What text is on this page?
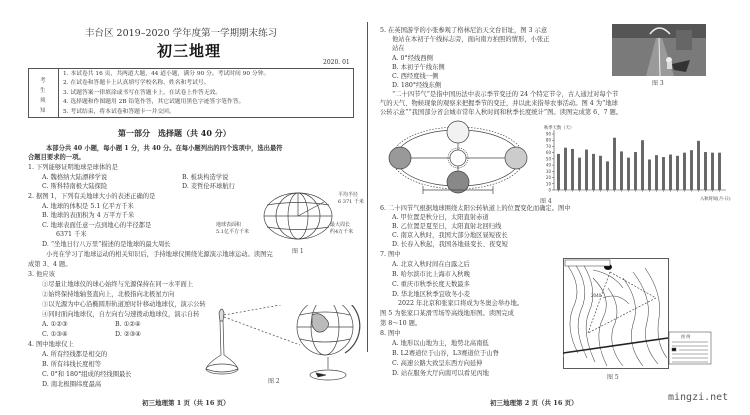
丰台区 2019–2020 学年度第一学期期末练习
初三地理
2020. 01
考
生
须
知
1. 本试卷共 16 页，共两道大题，44 道小题，满分 90 分。考试时间 90 分钟。
2. 在试卷和答题卡上认真填写学校名称、姓名和考试号。
3. 试题答案一律填涂或书写在答题卡上，在试卷上作答无效。
4. 选择题和作图题用 2B 铅笔作答，其它试题用黑色字迹签字笔作答。
5. 考试结束，将本试卷和答题卡一并交回。
第一部分　选择题（共 40 分）
本部分共 40 小题，每小题 1 分，共 40 分。在每小题列出的四个选项中，选出最符
合题目要求的一项。
1. 下列能够证明地球是球体的是
A. 魏格纳大陆漂移学说	B. 板块构造学说
C. 斯科特南极大陆探险	D. 麦哲伦环球航行
2. 据图 1，下列有关地球大小的表述正确的是
A. 地球的体积是 5.1 亿平方千米
B. 地球的表面积为 4 万平方千米
C. 地球表面任意一点到地心的半径都是
6371 千米
D. “坐地日行八万里”描述的是地球的最大周长
平均半径
6 371 千米
地球表面积
5.1亿平方千米
最大周长
约4万千米
图 1
小亮在学习了地球运动的相关知识后，手持地球仪围绕光源演示地球运动。读图完
成第 3、4 题。
3. 他应该
①尽量让地球仪的球心始终与光源保持在同一水平面上
②始终保持地轴竖直向上，北极指向北极星方向
③以光源为中心沿椭圆形轨道逆时针移动地球仪，演示公转
④同时面向地球仪，自左向右匀速拨动地球仪，演示自转
A. ①②③	B. ①②④
C. ①③④	D. ②③④
4. 图中地球仪上
A. 所有经线都是相交的
B. 所有纬线长度相等
C. 0°和 180°组成的经线圈最长
D. 南北极圈纬度最高	图 2
初三地理第 1 页（共 16 页）
5. 在英国游学的小张参观了格林尼治天文台旧址，图 3 示意
他站在本初子午线标志旁，面向南方拍照的情形，小张正
站在
A. 0°经线西侧
B. 本初子午线东侧
C. 西经度线一侧
D. 180°经线东侧	图 3
“二十四节气”是指中国历法中表示季节变迁的 24 个特定节令，古人通过对每个节
气的天气、物候现象的观察来把握季节的变迁，并以此来指导农事活动。图 4 为“地球
公转示意”“我国部分省会城市常年入秋时间和秋季长度统计”图。读图完成第 6、7 题。
0
10
20
30
40
50
60
70
80
90
秋季天数（天）
入秋时间(月-日)
图 4
6. 二十四节气根据地球围绕太阳公转轨道上的位置变化而确定。图中
A. 甲位置是秋分日，太阳直射赤道
B. 乙位置是夏至日，太阳直射北回归线
C. 南京入秋时，我国大部分地区昼短夜长
D. 长春入秋起，我国各地昼变长、夜变短
7. 图中
A. 北京入秋时间在白露之后
B. 哈尔滨市比上海市入秋晚
C. 重庆市秋季长度天数最多
D. 华北地区秋季宜收冬小麦
2022 年北京和张家口将成为冬奥会举办地。
图 5 为张家口某滑雪场等高线地形图。读图完成
第 8～10 题。
8. 图中
A. 地形以山地为主，地势北高南低
B. L2赛道位于山谷，L3赛道位于山脊
C. 高速公路大致呈东西方向延伸
D. 站在服务大厅向南可以看见丙地
2040
图 例
图 5
初三地理第 2 页（共 16 页）	mingzi.net
